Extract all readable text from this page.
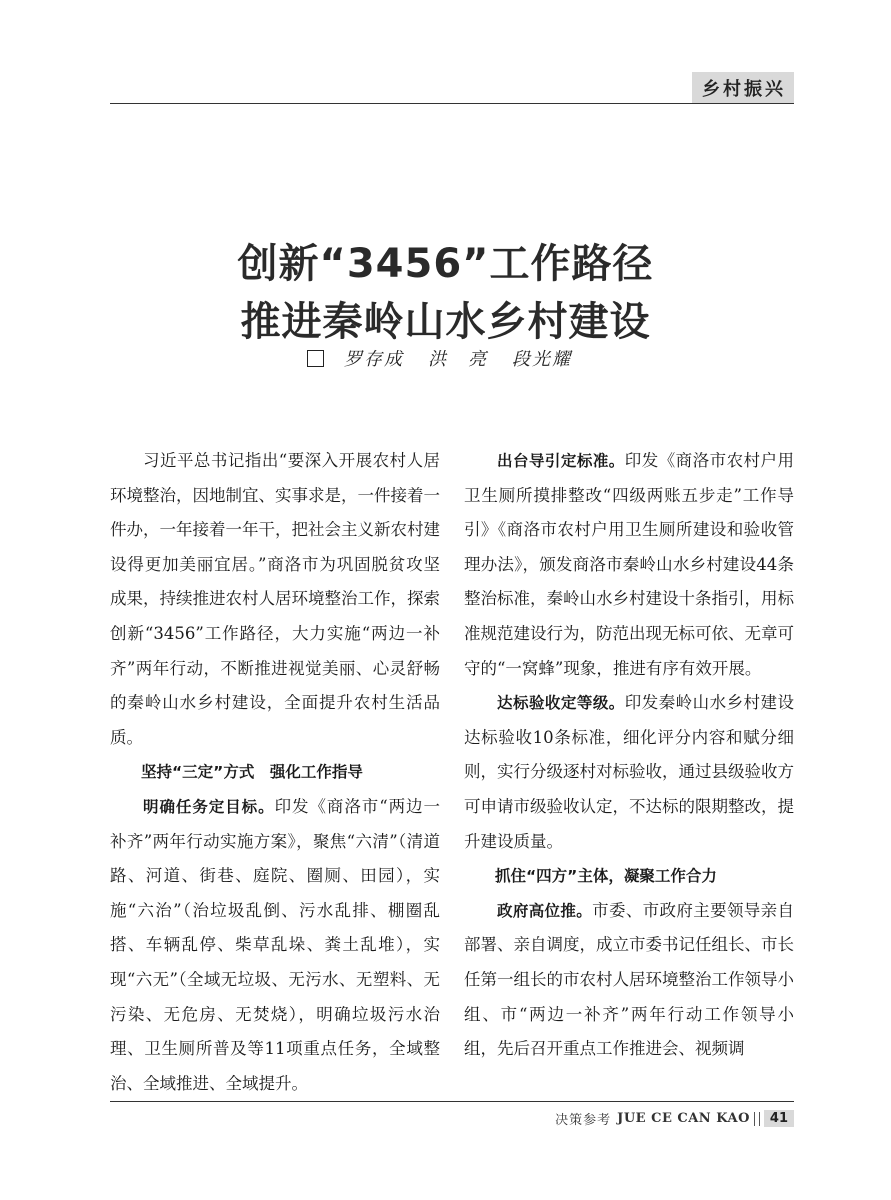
乡村振兴
创新“3456”工作路径
推进秦岭山水乡村建设
罗存成 洪　亮 段光耀

习近平总书记指出“要深入开展农村人居环境整治，因地制宜、实事求是，一件接着一件办，一年接着一年干，把社会主义新农村建设得更加美丽宜居。”商洛市为巩固脱贫攻坚成果，持续推进农村人居环境整治工作，探索创新“3456”工作路径，大力实施“两边一补齐”两年行动，不断推进视觉美丽、心灵舒畅的秦岭山水乡村建设，全面提升农村生活品质。

坚持“三定”方式　强化工作指导

明确任务定目标。印发《商洛市“两边一补齐”两年行动实施方案》，聚焦“六清”（清道路、河道、街巷、庭院、圈厕、田园），实施“六治”（治垃圾乱倒、污水乱排、棚圈乱搭、车辆乱停、柴草乱垛、粪土乱堆），实现“六无”（全域无垃圾、无污水、无塑料、无污染、无危房、无焚烧），明确垃圾污水治理、卫生厕所普及等11项重点任务，全域整治、全域推进、全域提升。

出台导引定标准。印发《商洛市农村户用卫生厕所摸排整改“四级两账五步走”工作导引》《商洛市农村户用卫生厕所建设和验收管理办法》，颁发商洛市秦岭山水乡村建设44条整治标准，秦岭山水乡村建设十条指引，用标准规范建设行为，防范出现无标可依、无章可守的“一窝蜂”现象，推进有序有效开展。

达标验收定等级。印发秦岭山水乡村建设达标验收10条标准，细化评分内容和赋分细则，实行分级逐村对标验收，通过县级验收方可申请市级验收认定，不达标的限期整改，提升建设质量。

抓住“四方”主体，凝聚工作合力

政府高位推。市委、市政府主要领导亲自部署、亲自调度，成立市委书记任组长、市长任第一组长的市农村人居环境整治工作领导小组、市“两边一补齐”两年行动工作领导小组，先后召开重点工作推进会、视频调

决策参考 JUE CE CAN KAO	41
